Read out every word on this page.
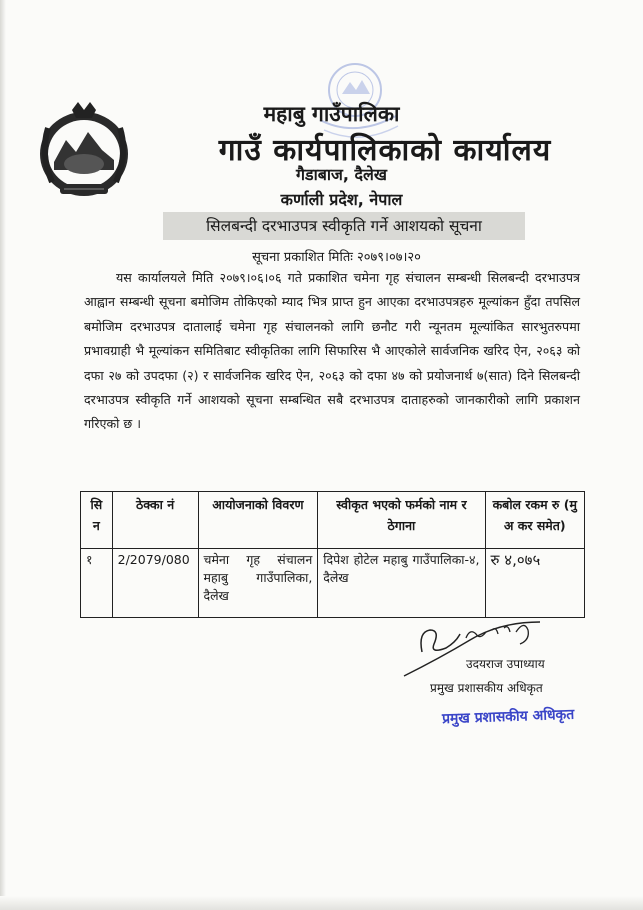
महाबु गाउँपालिका
गाउँ कार्यपालिकाको कार्यालय
गैडाबाज, दैलेख
कर्णाली प्रदेश, नेपाल
सिलबन्दी दरभाउपत्र स्वीकृति गर्ने आशयको सूचना
सूचना प्रकाशित मितिः २०७९।०७।२०
यस कार्यालयले मिति २०७९।०६।०६ गते प्रकाशित चमेना गृह संचालन सम्बन्धी सिलबन्दी दरभाउपत्र आह्वान सम्बन्धी सूचना बमोजिम तोकिएको म्याद भित्र प्राप्त हुन आएका दरभाउपत्रहरु मूल्यांकन हुँदा तपसिल बमोजिम दरभाउपत्र दातालाई चमेना गृह संचालनको लागि छनौट गरी न्यूनतम मूल्यांकित सारभुतरुपमा प्रभावग्राही भै मूल्यांकन समितिबाट स्वीकृतिका लागि सिफारिस भै आएकोले सार्वजनिक खरिद ऐन, २०६३ को दफा २७ को उपदफा (२) र सार्वजनिक खरिद ऐन, २०६३ को दफा ४७ को प्रयोजनार्थ ७(सात) दिने सिलबन्दी दरभाउपत्र स्वीकृति गर्ने आशयको सूचना सम्बन्धित सबै दरभाउपत्र दाताहरुको जानकारीको लागि प्रकाशन गरिएको छ ।
सि न	ठेक्का नं	आयोजनाको विवरण	स्वीकृत भएको फर्मको नाम र ठेगाना	कबोल रकम रु (मु अ कर समेत)
१	2/2079/080	चमेना गृह संचालन महाबु गाउँपालिका, दैलेख	दिपेश होटेल महाबु गाउँपालिका-४, दैलेख	रु ४,०७५
उदयराज उपाध्याय
प्रमुख प्रशासकीय अधिकृत
प्रमुख प्रशासकीय अधिकृत
